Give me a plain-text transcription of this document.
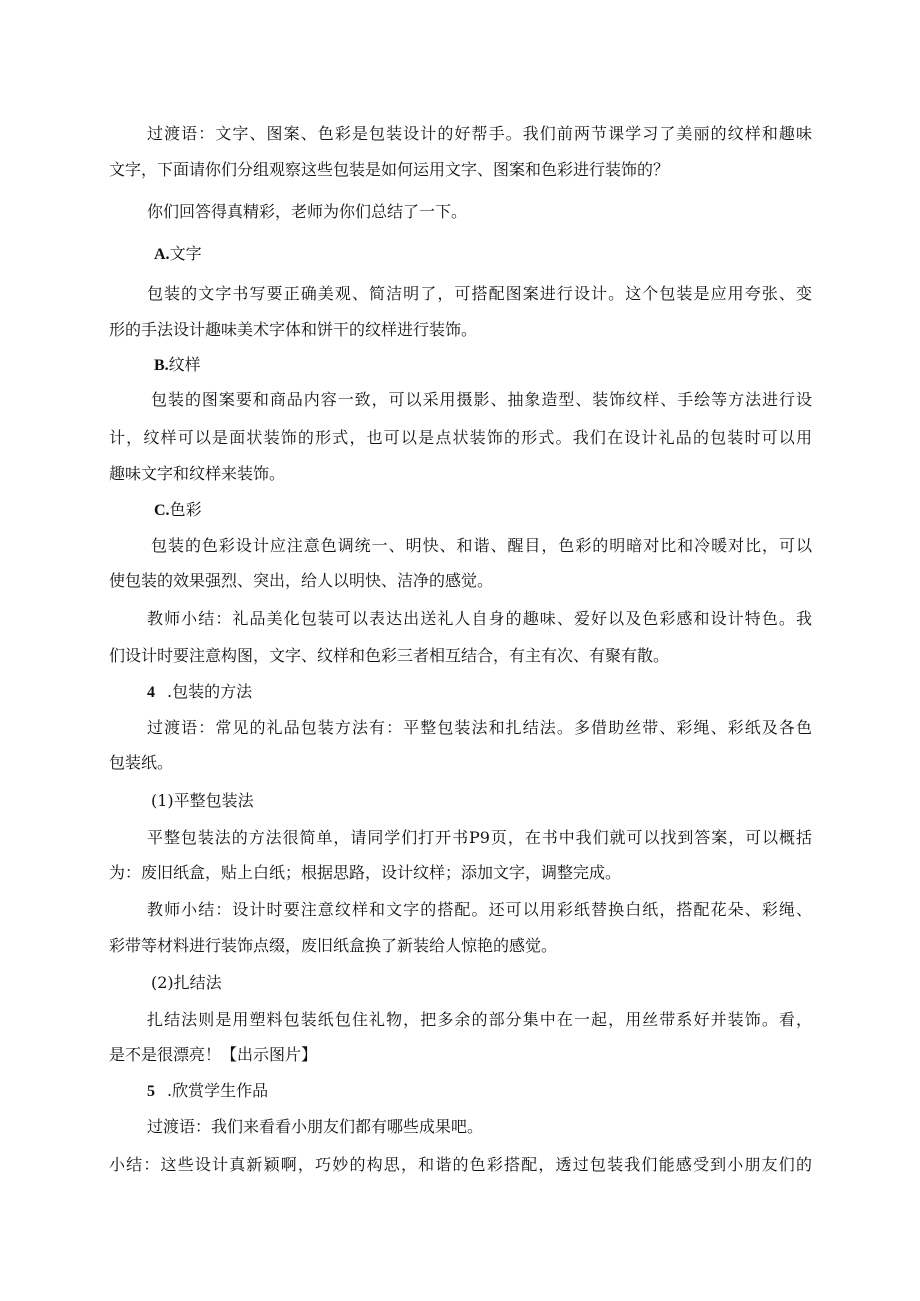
过渡语：文字、图案、色彩是包装设计的好帮手。我们前两节课学习了美丽的纹样和趣味

文字，下面请你们分组观察这些包装是如何运用文字、图案和色彩进行装饰的？

你们回答得真精彩，老师为你们总结了一下。

A.文字

包装的文字书写要正确美观、简洁明了，可搭配图案进行设计。这个包装是应用夸张、变

形的手法设计趣味美术字体和饼干的纹样进行装饰。

B.纹样

包装的图案要和商品内容一致，可以采用摄影、抽象造型、装饰纹样、手绘等方法进行设

计，纹样可以是面状装饰的形式，也可以是点状装饰的形式。我们在设计礼品的包装时可以用

趣味文字和纹样来装饰。

C.色彩

包装的色彩设计应注意色调统一、明快、和谐、醒目，色彩的明暗对比和冷暖对比，可以

使包装的效果强烈、突出，给人以明快、洁净的感觉。

教师小结：礼品美化包装可以表达出送礼人自身的趣味、爱好以及色彩感和设计特色。我

们设计时要注意构图，文字、纹样和色彩三者相互结合，有主有次、有聚有散。

4 .包装的方法

过渡语：常见的礼品包装方法有：平整包装法和扎结法。多借助丝带、彩绳、彩纸及各色

包装纸。

(1)平整包装法

平整包装法的方法很简单，请同学们打开书P9页，在书中我们就可以找到答案，可以概括

为：废旧纸盒，贴上白纸；根据思路，设计纹样；添加文字，调整完成。

教师小结：设计时要注意纹样和文字的搭配。还可以用彩纸替换白纸，搭配花朵、彩绳、

彩带等材料进行装饰点缀，废旧纸盒换了新装给人惊艳的感觉。

(2)扎结法

扎结法则是用塑料包装纸包住礼物，把多余的部分集中在一起，用丝带系好并装饰。看，

是不是很漂亮！【出示图片】

5 .欣赏学生作品

过渡语：我们来看看小朋友们都有哪些成果吧。

小结：这些设计真新颖啊，巧妙的构思，和谐的色彩搭配，透过包装我们能感受到小朋友们的
